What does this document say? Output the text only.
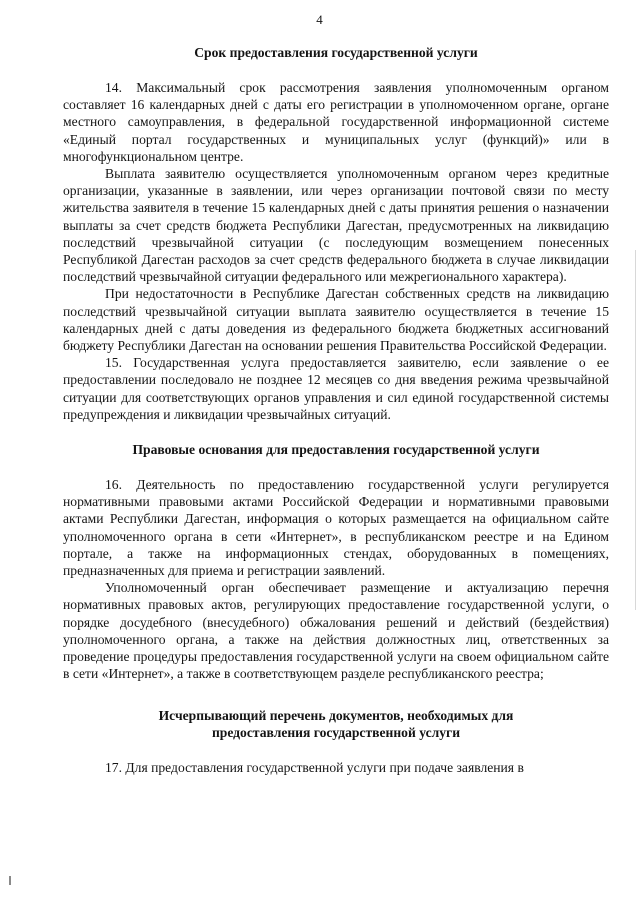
4
Срок предоставления государственной услуги

14. Максимальный срок рассмотрения заявления уполномоченным органом составляет 16 календарных дней с даты его регистрации в уполномоченном органе, органе местного самоуправления, в федеральной государственной информационной системе «Единый портал государственных и муниципальных услуг (функций)» или в многофункциональном центре.

Выплата заявителю осуществляется уполномоченным органом через кредитные организации, указанные в заявлении, или через организации почтовой связи по месту жительства заявителя в течение 15 календарных дней с даты принятия решения о назначении выплаты за счет средств бюджета Республики Дагестан, предусмотренных на ликвидацию последствий чрезвычайной ситуации (с последующим возмещением понесенных Республикой Дагестан расходов за счет средств федерального бюджета в случае ликвидации последствий чрезвычайной ситуации федерального или межрегионального характера).

При недостаточности в Республике Дагестан собственных средств на ликвидацию последствий чрезвычайной ситуации выплата заявителю осуществляется в течение 15 календарных дней с даты доведения из федерального бюджета бюджетных ассигнований бюджету Республики Дагестан на основании решения Правительства Российской Федерации.

15. Государственная услуга предоставляется заявителю, если заявление о ее предоставлении последовало не позднее 12 месяцев со дня введения режима чрезвычайной ситуации для соответствующих органов управления и сил единой государственной системы предупреждения и ликвидации чрезвычайных ситуаций.

Правовые основания для предоставления государственной услуги

16. Деятельность по предоставлению государственной услуги регулируется нормативными правовыми актами Российской Федерации и нормативными правовыми актами Республики Дагестан, информация о которых размещается на официальном сайте уполномоченного органа в сети «Интернет», в республиканском реестре и на Едином портале, а также на информационных стендах, оборудованных в помещениях, предназначенных для приема и регистрации заявлений.

Уполномоченный орган обеспечивает размещение и актуализацию перечня нормативных правовых актов, регулирующих предоставление государственной услуги, о порядке досудебного (внесудебного) обжалования решений и действий (бездействия) уполномоченного органа, а также на действия должностных лиц, ответственных за проведение процедуры предоставления государственной услуги на своем официальном сайте в сети «Интернет», а также в соответствующем разделе республиканского реестра;

Исчерпывающий перечень документов, необходимых для
предоставления государственной услуги

17. Для предоставления государственной услуги при подаче заявления в
